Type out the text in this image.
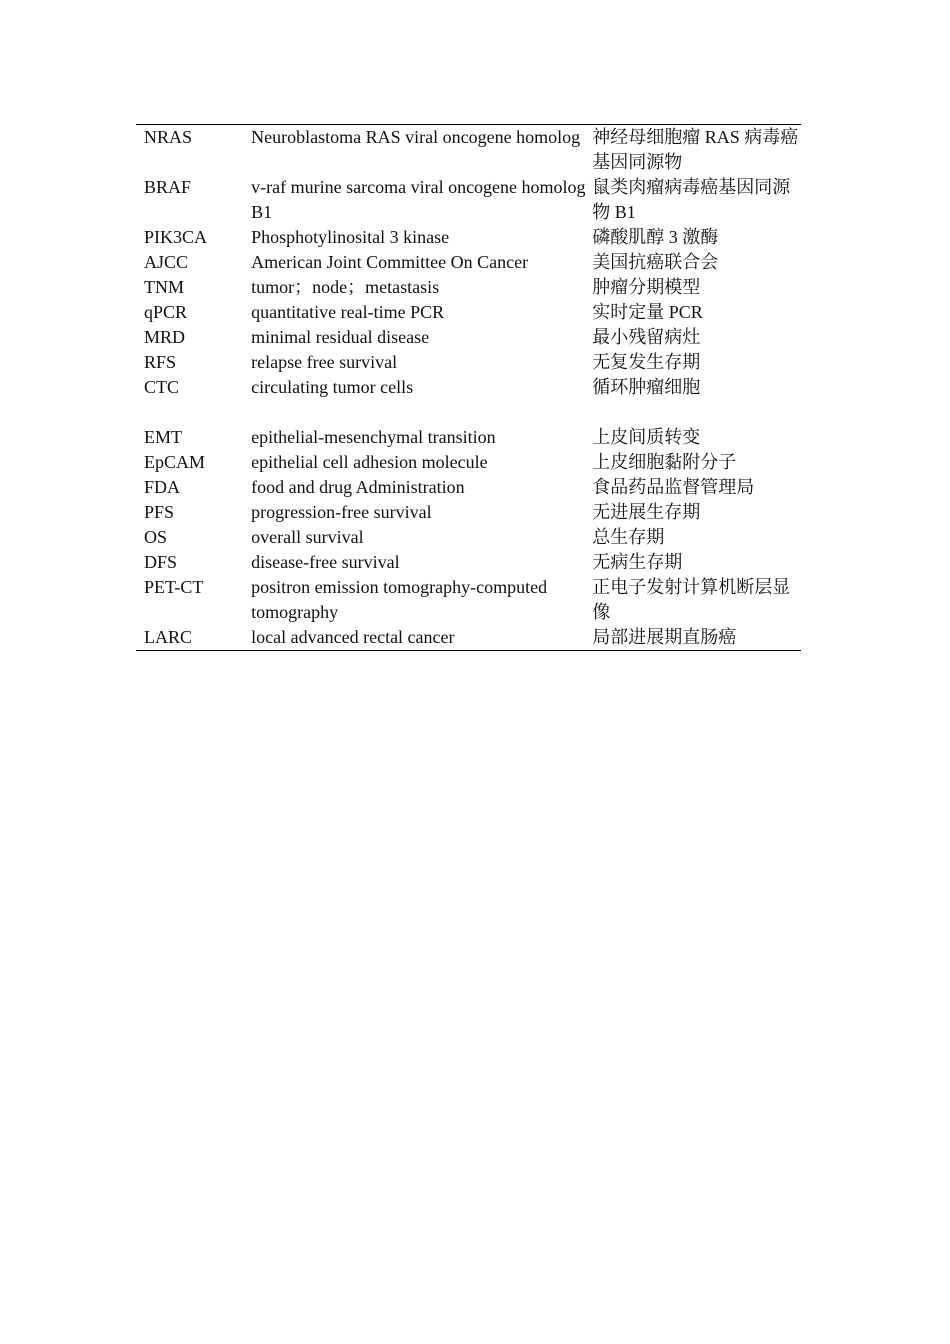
NRAS	Neuroblastoma RAS viral oncogene homolog	神经母细胞瘤 RAS 病毒癌基因同源物
BRAF	v-raf murine sarcoma viral oncogene homolog B1	鼠类肉瘤病毒癌基因同源物 B1
PIK3CA	Phosphotylinosital 3 kinase	磷酸肌醇 3 激酶
AJCC	American Joint Committee On Cancer	美国抗癌联合会
TNM	tumor；node；metastasis	肿瘤分期模型
qPCR	quantitative real-time PCR	实时定量 PCR
MRD	minimal residual disease	最小残留病灶
RFS	relapse free survival	无复发生存期
CTC	circulating tumor cells	循环肿瘤细胞

EMT	epithelial-mesenchymal transition	上皮间质转变
EpCAM	epithelial cell adhesion molecule	上皮细胞黏附分子
FDA	food and drug Administration	食品药品监督管理局
PFS	progression-free survival	无进展生存期
OS	overall survival	总生存期
DFS	disease-free survival	无病生存期
PET-CT	positron emission tomography-computed tomography	正电子发射计算机断层显像
LARC	local advanced rectal cancer	局部进展期直肠癌
